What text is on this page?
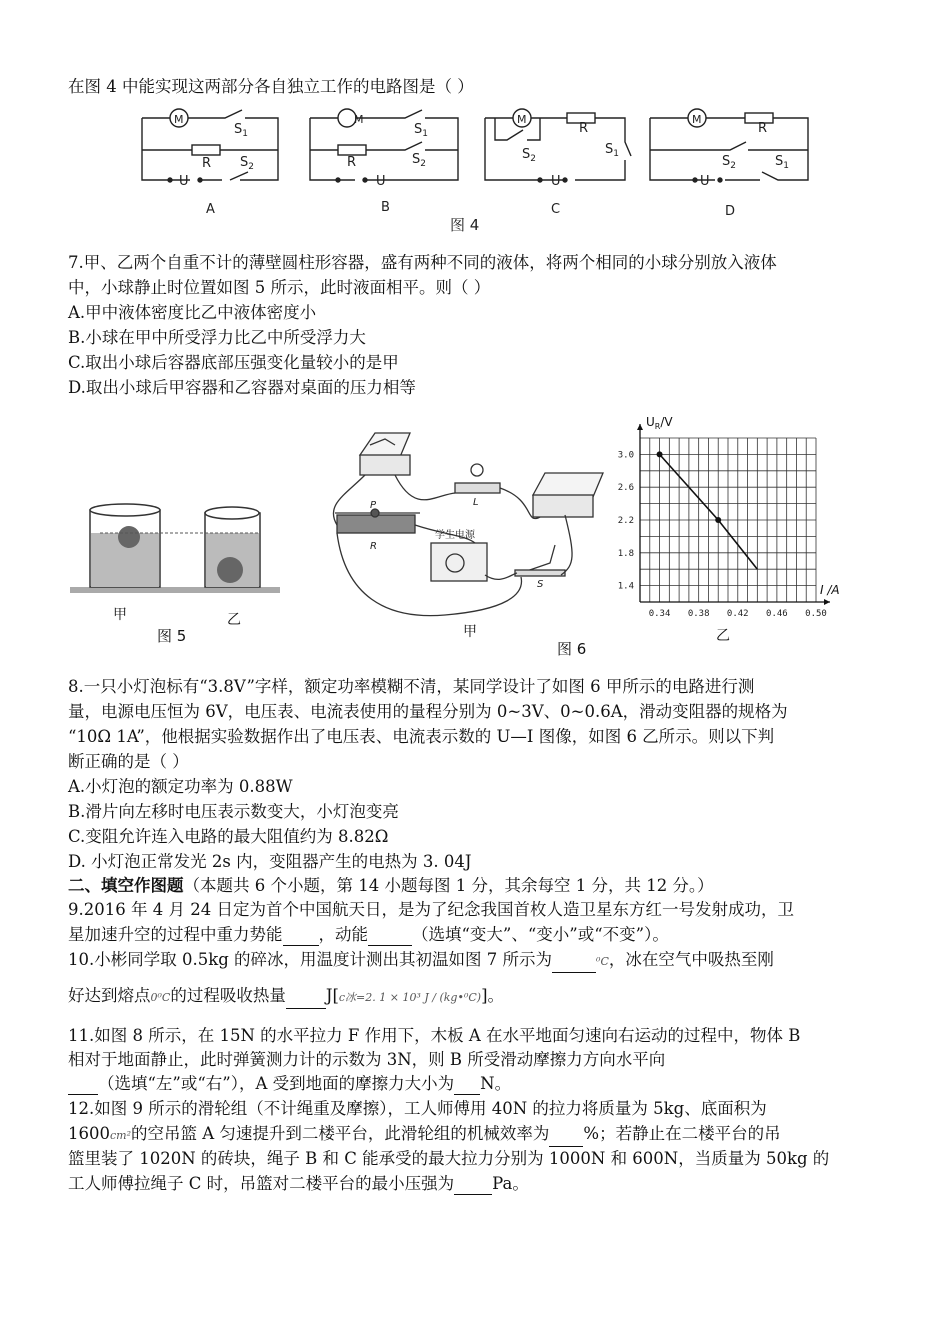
在图 4 中能实现这两部分各自独立工作的电路图是（ ）
M	M	M	M
$S_1$
R $S_2$
U
A
$S_1$
R	$S_2$
U
B
R
$S_2$
$S_1$
U
C
R
$S_2$	$S_1$
U
D
图 4
7.甲、乙两个自重不计的薄壁圆柱形容器，盛有两种不同的液体，将两个相同的小球分别放入液体
中，小球静止时位置如图 5 所示，此时液面相平。则（ ）
A.甲中液体密度比乙中液体密度小
B.小球在甲中所受浮力比乙中所受浮力大
C.取出小球后容器底部压强变化量较小的是甲
D.取出小球后甲容器和乙容器对桌面的压力相等
甲	乙
图 5
P
R
L
S
学生电源
甲
图 6
3.0
2.6
2.2
1.8
1.4
0.34 0.38 0.42 0.46 0.50
$U_R/V$
I /A
乙
8.一只小灯泡标有“3.8V”字样，额定功率模糊不清，某同学设计了如图 6 甲所示的电路进行测
量，电源电压恒为 6V，电压表、电流表使用的量程分别为 0~3V、0~0.6A，滑动变阻器的规格为
“10Ω 1A”，他根据实验数据作出了电压表、电流表示数的 U—I 图像，如图 6 乙所示。则以下判
断正确的是（ ）
A.小灯泡的额定功率为 0.88W
B.滑片向左移时电压表示数变大，小灯泡变亮
C.变阻允许连入电路的最大阻值约为 8.82Ω
D. 小灯泡正常发光 2s 内，变阻器产生的电热为 3. 04J
二、填空作图题（本题共 6 个小题，第 14 小题每图 1 分，其余每空 1 分，共 12 分。）
9.2016 年 4 月 24 日定为首个中国航天日，是为了纪念我国首枚人造卫星东方红一号发射成功，卫
星加速升空的过程中重力势能 ，动能	（选填“变大”、“变小”或“不变”）。
10.小彬同学取 0.5kg 的碎冰，用温度计测出其初温如图 7 所示为	⁰C，冰在空气中吸热至刚
好达到熔点0⁰C的过程吸收热量 J[c冰=2. 1 × 10³ J / (kg•⁰C)]。
11.如图 8 所示，在 15N 的水平拉力 F 作用下，木板 A 在水平地面匀速向右运动的过程中，物体 B
相对于地面静止，此时弹簧测力计的示数为 3N，则 B 所受滑动摩擦力方向水平向
（选填“左”或“右”），A 受到地面的摩擦力大小为 N。
12.如图 9 所示的滑轮组（不计绳重及摩擦），工人师傅用 40N 的拉力将质量为 5kg、底面积为
1600cm²的空吊篮 A 匀速提升到二楼平台，此滑轮组的机械效率为 %；若静止在二楼平台的吊
篮里装了 1020N 的砖块，绳子 B 和 C 能承受的最大拉力分别为 1000N 和 600N，当质量为 50kg 的
工人师傅拉绳子 C 时，吊篮对二楼平台的最小压强为 Pa。
